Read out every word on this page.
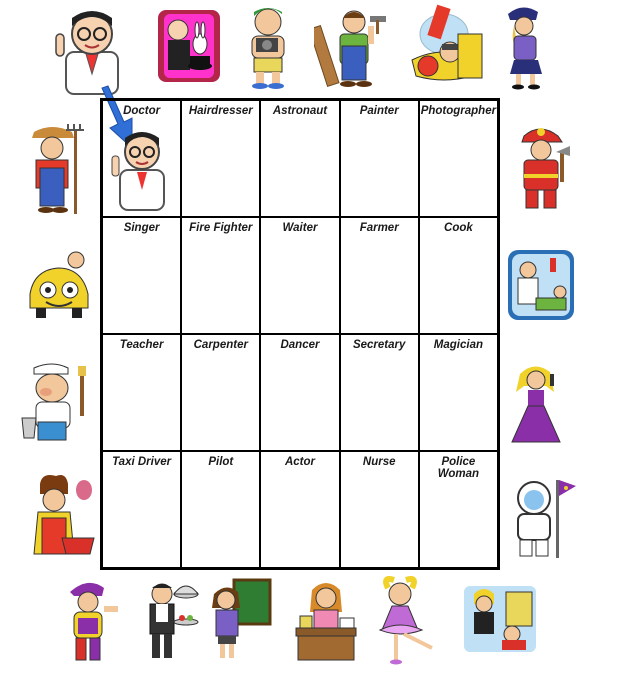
Doctor	Hairdresser	Astronaut	Painter	Photographer
Singer	Fire Fighter	Waiter	Farmer	Cook
Teacher	Carpenter	Dancer	Secretary	Magician
Taxi Driver	Pilot	Actor	Nurse	Police Woman
